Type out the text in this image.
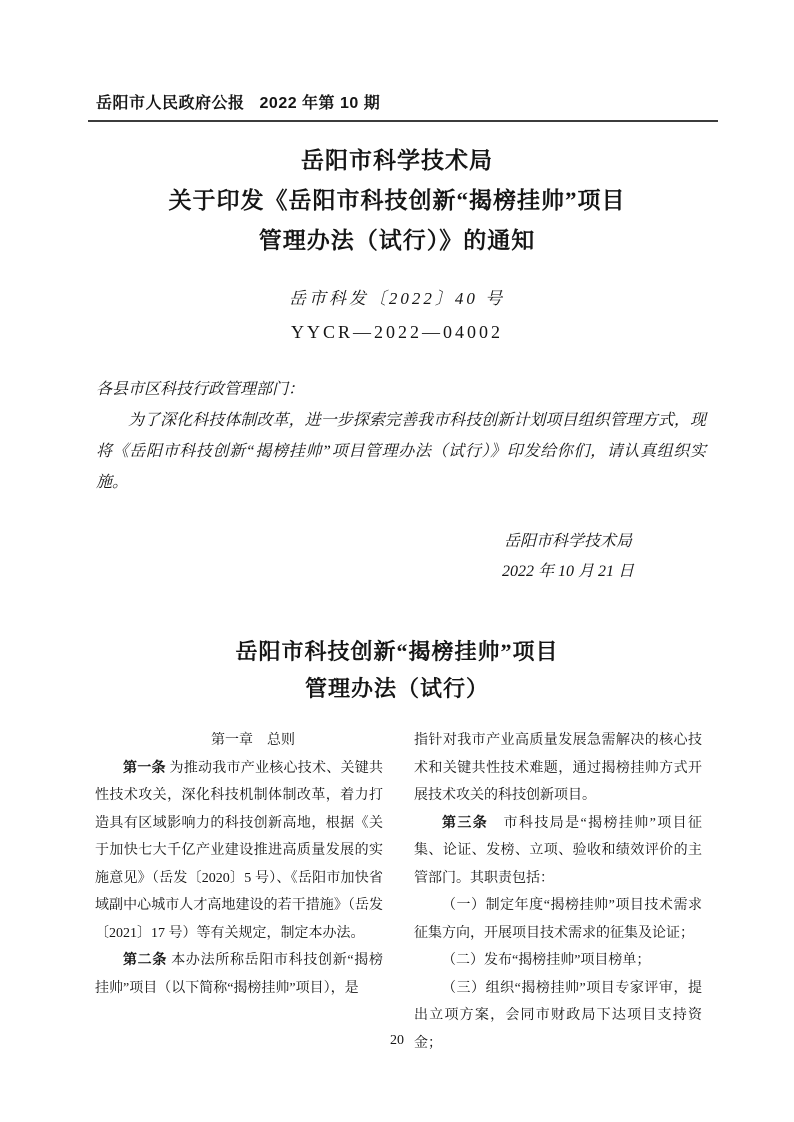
岳阳市人民政府公报 2022 年第 10 期
岳阳市科学技术局
关于印发《岳阳市科技创新“揭榜挂帅”项目
管理办法（试行）》的通知
岳市科发〔2022〕40 号
YYCR—2022—04002

各县市区科技行政管理部门：

为了深化科技体制改革，进一步探索完善我市科技创新计划项目组织管理方式，现将《岳阳市科技创新“揭榜挂帅”项目管理办法（试行）》印发给你们，请认真组织实施。

岳阳市科学技术局
2022 年 10 月 21 日
岳阳市科技创新“揭榜挂帅”项目
管理办法（试行）

第一章　总则

第一条 为推动我市产业核心技术、关键共性技术攻关，深化科技机制体制改革，着力打造具有区域影响力的科技创新高地，根据《关于加快七大千亿产业建设推进高质量发展的实施意见》（岳发〔2020〕5 号）、《岳阳市加快省域副中心城市人才高地建设的若干措施》（岳发〔2021〕17 号）等有关规定，制定本办法。

第二条 本办法所称岳阳市科技创新“揭榜挂帅”项目（以下简称“揭榜挂帅”项目），是

指针对我市产业高质量发展急需解决的核心技术和关键共性技术难题，通过揭榜挂帅方式开展技术攻关的科技创新项目。

第三条　市科技局是“揭榜挂帅”项目征集、论证、发榜、立项、验收和绩效评价的主管部门。其职责包括：

（一）制定年度“揭榜挂帅”项目技术需求征集方向，开展项目技术需求的征集及论证；

（二）发布“揭榜挂帅”项目榜单；

（三）组织“揭榜挂帅”项目专家评审，提出立项方案，会同市财政局下达项目支持资金；

20
